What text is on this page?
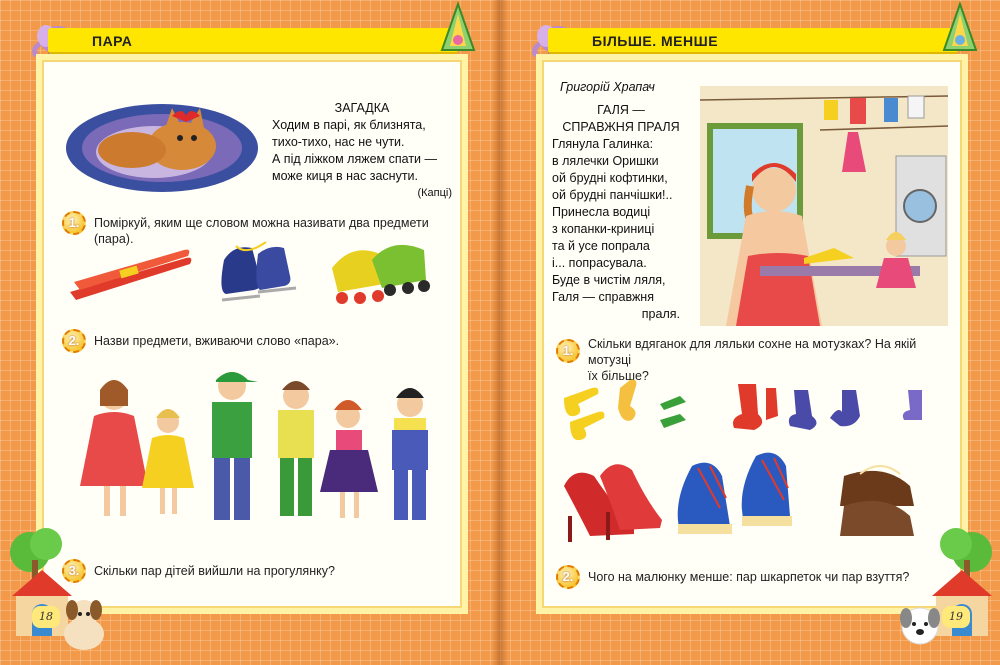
ПАРА
ЗАГАДКА
Ходим в парі, як близнята,
тихо-тихо, нас не чути.
А під ліжком ляжем спати —
може киця в нас заснути.
(Капці)
1.	Поміркуй, яким ще словом можна називати два предмети (пара).
2.	Назви предмети, вживаючи слово «пара».
3.	Скільки пар дітей вийшли на прогулянку?
18
БІЛЬШЕ. МЕНШЕ
Григорій Храпач
ГАЛЯ —
СПРАВЖНЯ ПРАЛЯ
Глянула Галинка:
в лялечки Оришки
ой брудні кофтинки,
ой брудні панчішки!..
Принесла водиці
з копанки-криниці
та й усе попрала
і... попрасувала.
Буде в чистім ляля,
Галя — справжня
праля.
1.	Скільки вдяганок для ляльки сохне на мотузках? На якій мотузці
їх більше?
2.	Чого на малюнку менше: пар шкарпеток чи пар взуття?
19
